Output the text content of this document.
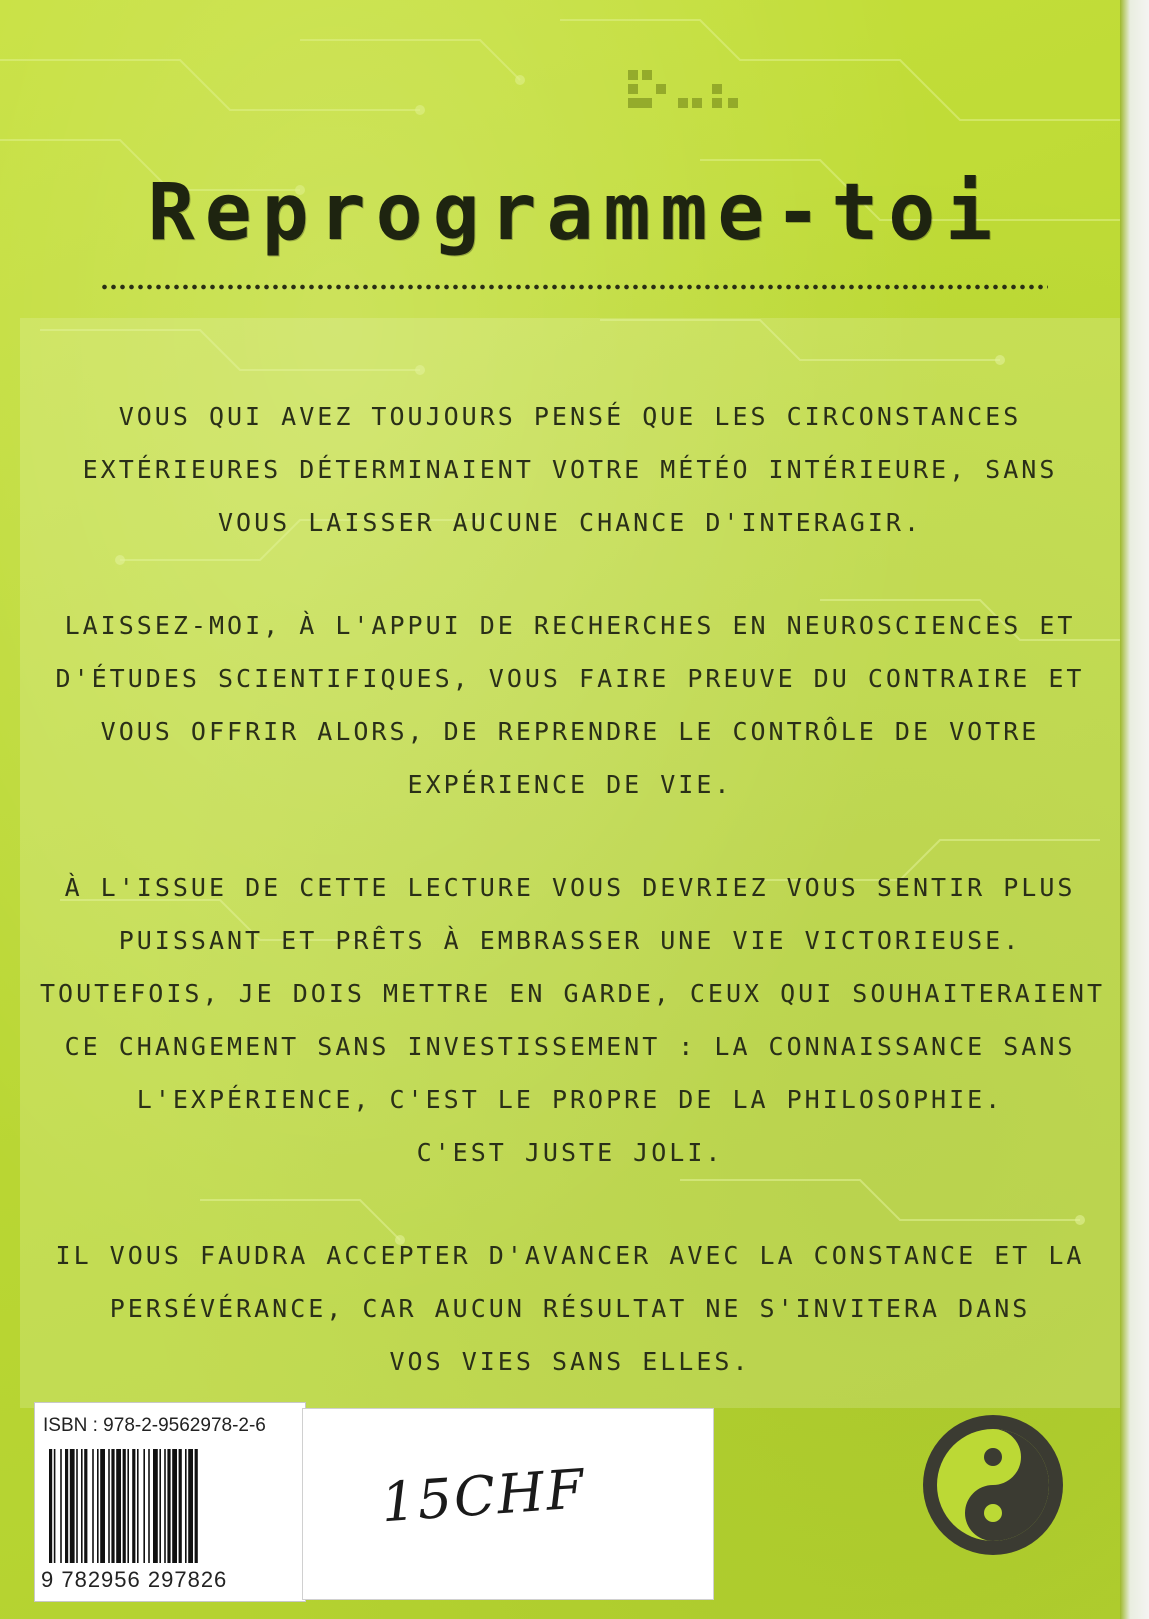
Reprogramme-toi
VOUS QUI AVEZ TOUJOURS PENSÉ QUE LES CIRCONSTANCES
EXTÉRIEURES DÉTERMINAIENT VOTRE MÉTÉO INTÉRIEURE, SANS
VOUS LAISSER AUCUNE CHANCE D'INTERAGIR.
LAISSEZ-MOI, À L'APPUI DE RECHERCHES EN NEUROSCIENCES ET
D'ÉTUDES SCIENTIFIQUES, VOUS FAIRE PREUVE DU CONTRAIRE ET
VOUS OFFRIR ALORS, DE REPRENDRE LE CONTRÔLE DE VOTRE
EXPÉRIENCE DE VIE.
À L'ISSUE DE CETTE LECTURE VOUS DEVRIEZ VOUS SENTIR PLUS
PUISSANT ET PRÊTS À EMBRASSER UNE VIE VICTORIEUSE.
TOUTEFOIS, JE DOIS METTRE EN GARDE, CEUX QUI SOUHAITERAIENT
CE CHANGEMENT SANS INVESTISSEMENT : LA CONNAISSANCE SANS
L'EXPÉRIENCE, C'EST LE PROPRE DE LA PHILOSOPHIE.
C'EST JUSTE JOLI.
IL VOUS FAUDRA ACCEPTER D'AVANCER AVEC LA CONSTANCE ET LA
PERSÉVÉRANCE, CAR AUCUN RÉSULTAT NE S'INVITERA DANS
VOS VIES SANS ELLES.
ISBN : 978-2-9562978-2-6
9 782956 297826
15CHF
